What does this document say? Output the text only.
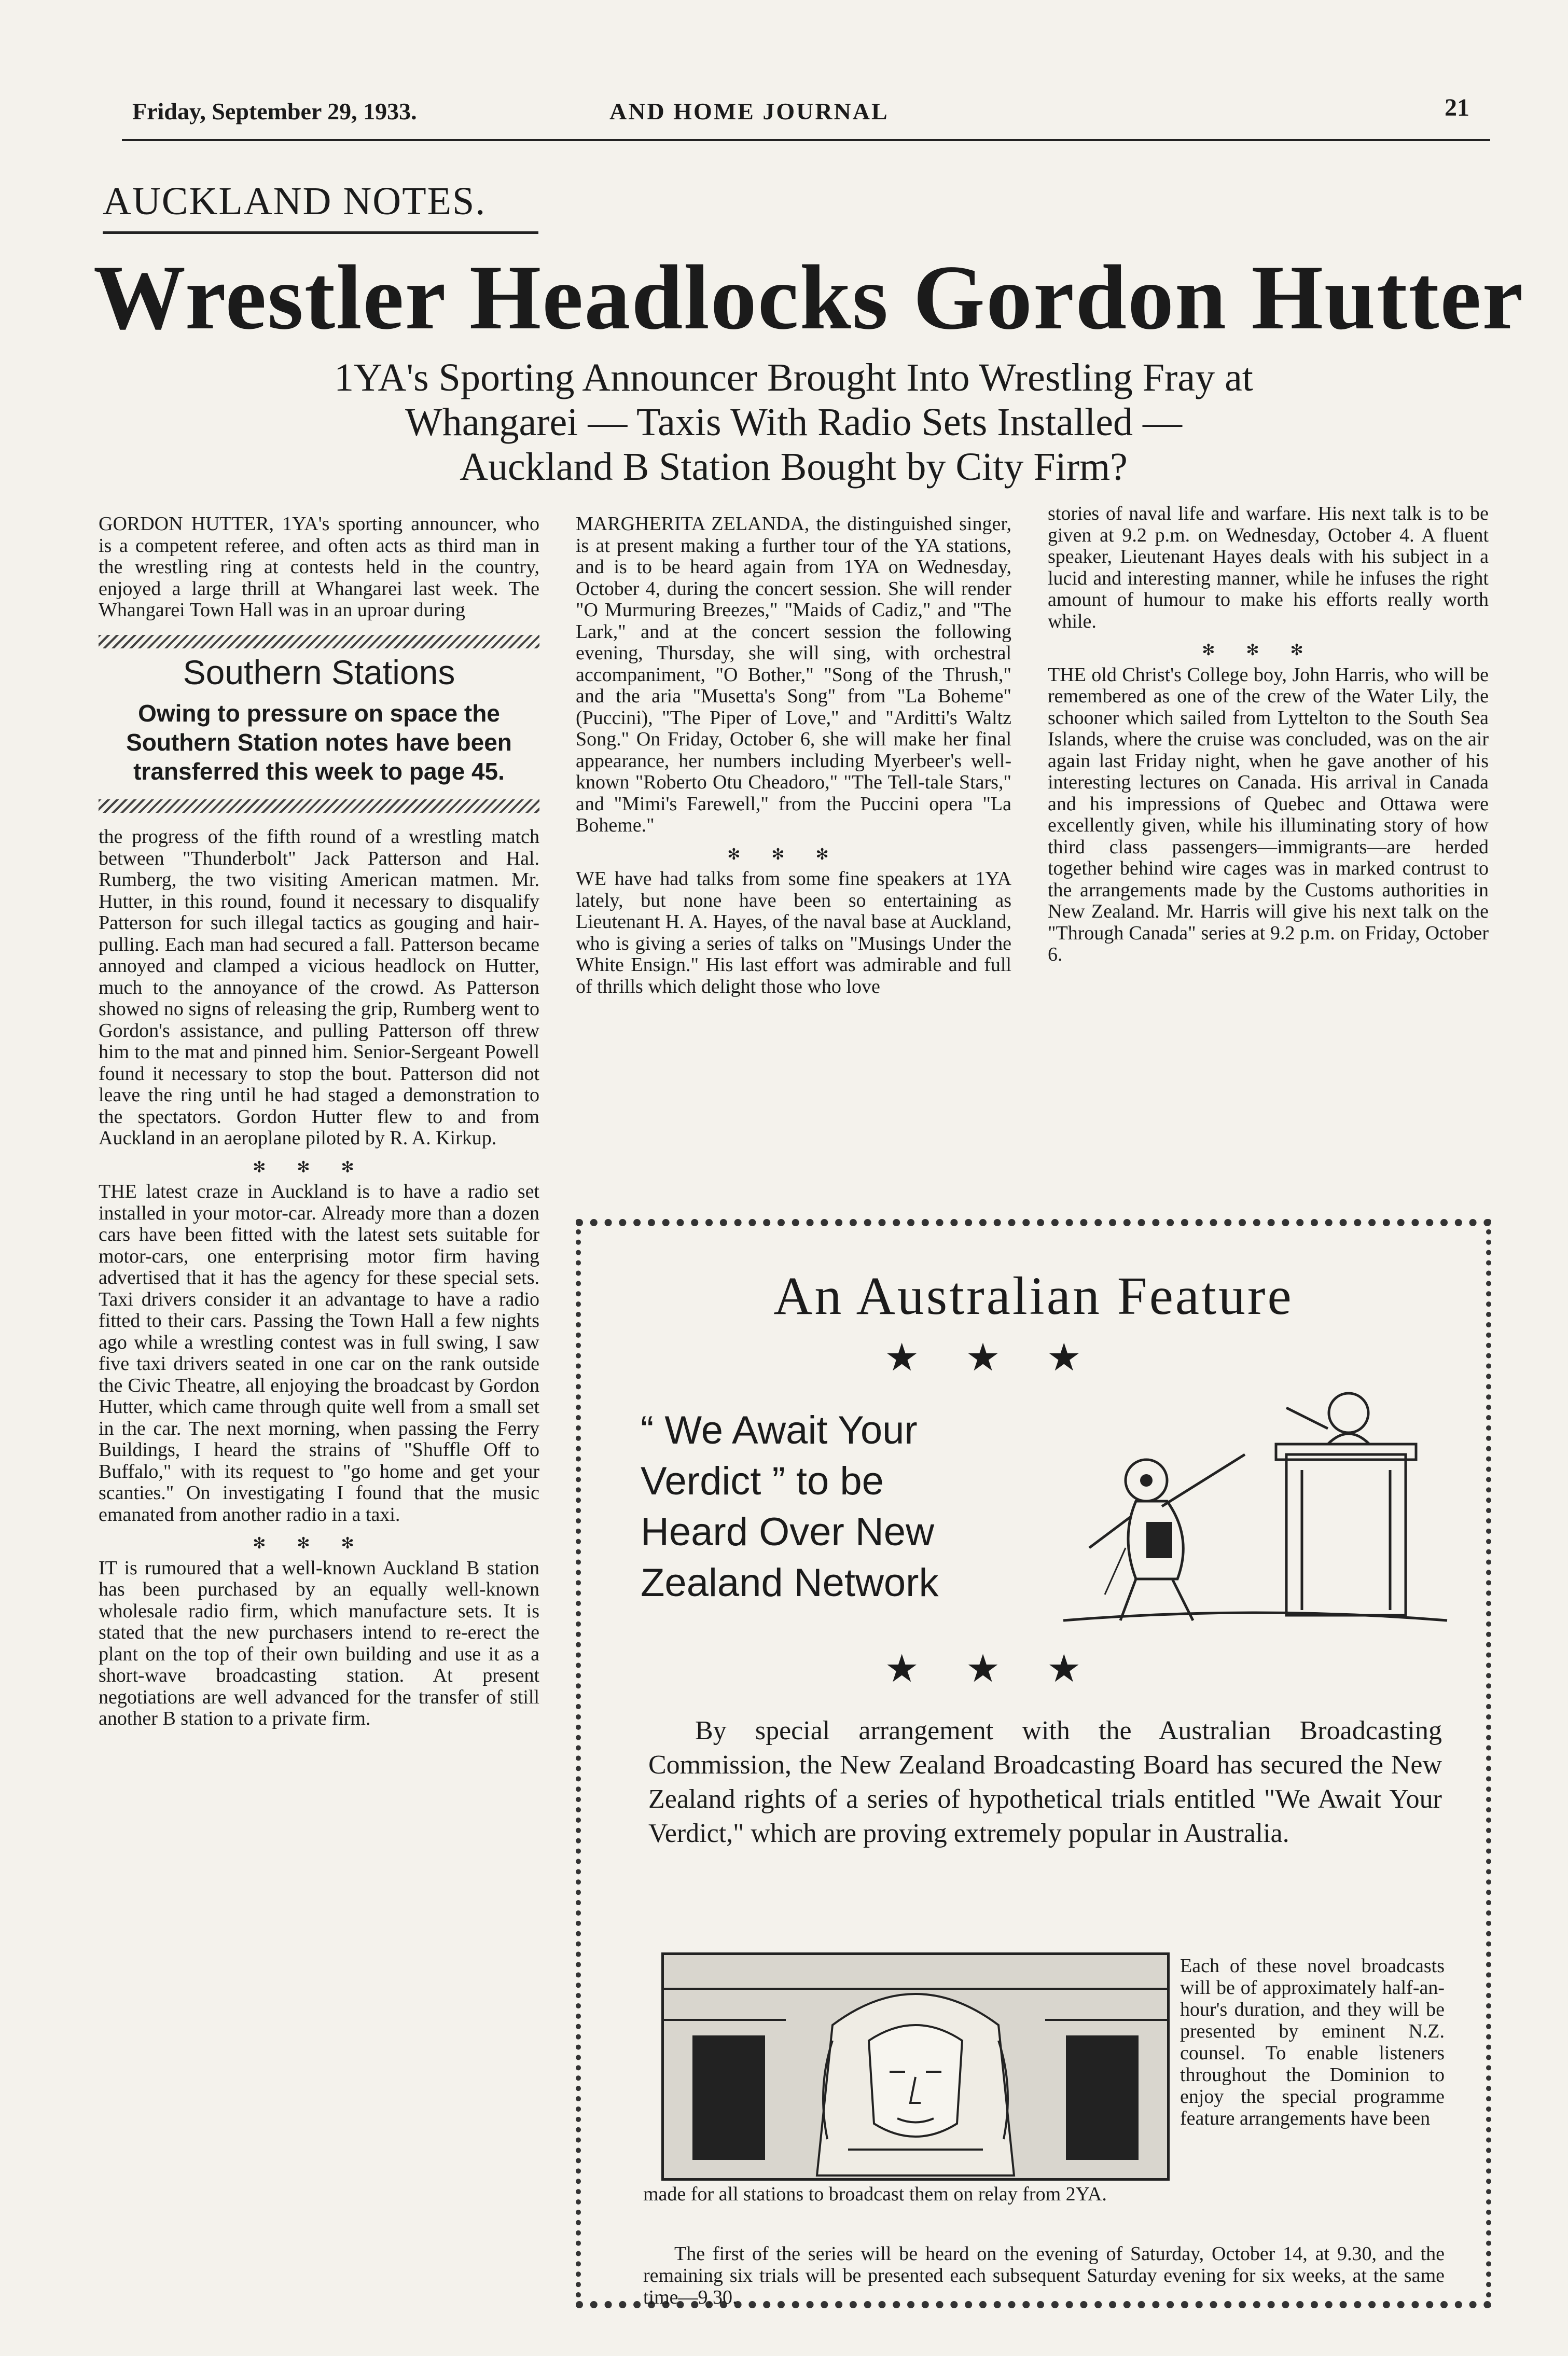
Friday, September 29, 1933.	AND HOME JOURNAL	21
AUCKLAND NOTES.
Wrestler Headlocks Gordon Hutter
1YA's Sporting Announcer Brought Into Wrestling Fray at
Whangarei — Taxis With Radio Sets Installed —
Auckland B Station Bought by City Firm?

GORDON HUTTER, 1YA's sporting announcer, who is a competent referee, and often acts as third man in the wrestling ring at contests held in the country, enjoyed a large thrill at Whangarei last week. The Whangarei Town Hall was in an uproar during

Southern Stations
Owing to pressure on space the Southern Station notes have been transferred this week to page 45.

the progress of the fifth round of a wrestling match between "Thunderbolt" Jack Patterson and Hal. Rumberg, the two visiting American matmen. Mr. Hutter, in this round, found it necessary to disqualify Patterson for such illegal tactics as gouging and hair-pulling. Each man had secured a fall. Patterson became annoyed and clamped a vicious headlock on Hutter, much to the annoyance of the crowd. As Patterson showed no signs of releasing the grip, Rumberg went to Gordon's assistance, and pulling Patterson off threw him to the mat and pinned him. Senior-Sergeant Powell found it necessary to stop the bout. Patterson did not leave the ring until he had staged a demonstration to the spectators. Gordon Hutter flew to and from Auckland in an aeroplane piloted by R. A. Kirkup.

✻✻✻

THE latest craze in Auckland is to have a radio set installed in your motor-car. Already more than a dozen cars have been fitted with the latest sets suitable for motor-cars, one enterprising motor firm having advertised that it has the agency for these special sets. Taxi drivers consider it an advantage to have a radio fitted to their cars. Passing the Town Hall a few nights ago while a wrestling contest was in full swing, I saw five taxi drivers seated in one car on the rank outside the Civic Theatre, all enjoying the broadcast by Gordon Hutter, which came through quite well from a small set in the car. The next morning, when passing the Ferry Buildings, I heard the strains of "Shuffle Off to Buffalo," with its request to "go home and get your scanties." On investigating I found that the music emanated from another radio in a taxi.

✻✻✻

IT is rumoured that a well-known Auckland B station has been purchased by an equally well-known wholesale radio firm, which manufacture sets. It is stated that the new purchasers intend to re-erect the plant on the top of their own building and use it as a short-wave broadcasting station. At present negotiations are well advanced for the transfer of still another B station to a private firm.

MARGHERITA ZELANDA, the distinguished singer, is at present making a further tour of the YA stations, and is to be heard again from 1YA on Wednesday, October 4, during the concert session. She will render "O Murmuring Breezes," "Maids of Cadiz," and "The Lark," and at the concert session the following evening, Thursday, she will sing, with orchestral accompaniment, "O Bother," "Song of the Thrush," and the aria "Musetta's Song" from "La Boheme" (Puccini), "The Piper of Love," and "Arditti's Waltz Song." On Friday, October 6, she will make her final appearance, her numbers including Myerbeer's well-known "Roberto Otu Cheadoro," "The Tell-tale Stars," and "Mimi's Farewell," from the Puccini opera "La Boheme."

✻✻✻

WE have had talks from some fine speakers at 1YA lately, but none have been so entertaining as Lieutenant H. A. Hayes, of the naval base at Auckland, who is giving a series of talks on "Musings Under the White Ensign." His last effort was admirable and full of thrills which delight those who love

stories of naval life and warfare. His next talk is to be given at 9.2 p.m. on Wednesday, October 4. A fluent speaker, Lieutenant Hayes deals with his subject in a lucid and interesting manner, while he infuses the right amount of humour to make his efforts really worth while.

✻✻✻

THE old Christ's College boy, John Harris, who will be remembered as one of the crew of the Water Lily, the schooner which sailed from Lyttelton to the South Sea Islands, where the cruise was concluded, was on the air again last Friday night, when he gave another of his interesting lectures on Canada. His arrival in Canada and his impressions of Quebec and Ottawa were excellently given, while his illuminating story of how third class passengers—immigrants—are herded together behind wire cages was in marked contrust to the arrangements made by the Customs authorities in New Zealand. Mr. Harris will give his next talk on the "Through Canada" series at 9.2 p.m. on Friday, October 6.

An Australian Feature
★★★
“ We Await Your
Verdict ” to be
Heard Over New
Zealand Network
★★★
By special arrangement with the Australian Broadcasting Commission, the New Zealand Broadcasting Board has secured the New Zealand rights of a series of hypothetical trials entitled "We Await Your Verdict," which are proving extremely popular in Australia.
Each of these novel broadcasts will be of approximately half-an-hour's duration, and they will be presented by eminent N.Z. counsel. To enable listeners throughout the Dominion to enjoy the special programme feature arrangements have been
made for all stations to broadcast them on relay from 2YA.
The first of the series will be heard on the evening of Saturday, October 14, at 9.30, and the remaining six trials will be presented each subsequent Saturday evening for six weeks, at the same time—9.30.
